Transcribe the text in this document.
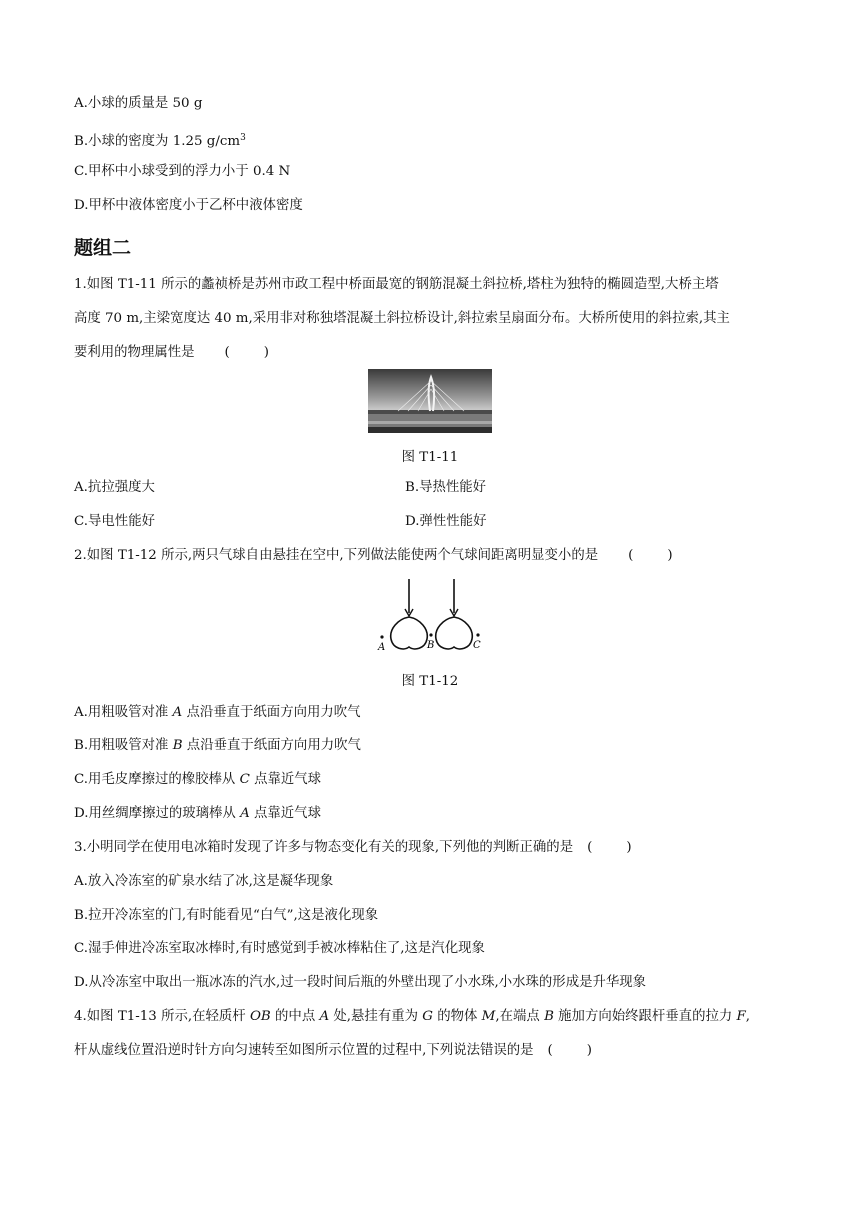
A.小球的质量是 50 g
B.小球的密度为 1.25 $g/cm^3$
C.甲杯中小球受到的浮力小于 0.4 N
D.甲杯中液体密度小于乙杯中液体密度
题组二
1.如图 T1-11 所示的蠡祯桥是苏州市政工程中桥面最宽的钢筋混凝土斜拉桥,塔柱为独特的椭圆造型,大桥主塔
高度 70 m,主梁宽度达 40 m,采用非对称独塔混凝土斜拉桥设计,斜拉索呈扇面分布。大桥所使用的斜拉索,其主
要利用的物理属性是 (	)
图 T1-11
A.抗拉强度大	B.导热性能好
C.导电性能好	D.弹性性能好
2.如图 T1-12 所示,两只气球自由悬挂在空中,下列做法能使两个气球间距离明显变小的是 (	)
A	B	C
图 T1-12
A.用粗吸管对准 A 点沿垂直于纸面方向用力吹气
B.用粗吸管对准 B 点沿垂直于纸面方向用力吹气
C.用毛皮摩擦过的橡胶棒从 C 点靠近气球
D.用丝绸摩擦过的玻璃棒从 A 点靠近气球
3.小明同学在使用电冰箱时发现了许多与物态变化有关的现象,下列他的判断正确的是 (	)
A.放入冷冻室的矿泉水结了冰,这是凝华现象
B.拉开冷冻室的门,有时能看见“白气”,这是液化现象
C.湿手伸进冷冻室取冰棒时,有时感觉到手被冰棒粘住了,这是汽化现象
D.从冷冻室中取出一瓶冰冻的汽水,过一段时间后瓶的外壁出现了小水珠,小水珠的形成是升华现象
4.如图 T1-13 所示,在轻质杆 OB 的中点 A 处,悬挂有重为 G 的物体 M,在端点 B 施加方向始终跟杆垂直的拉力 F,
杆从虚线位置沿逆时针方向匀速转至如图所示位置的过程中,下列说法错误的是 (	)
